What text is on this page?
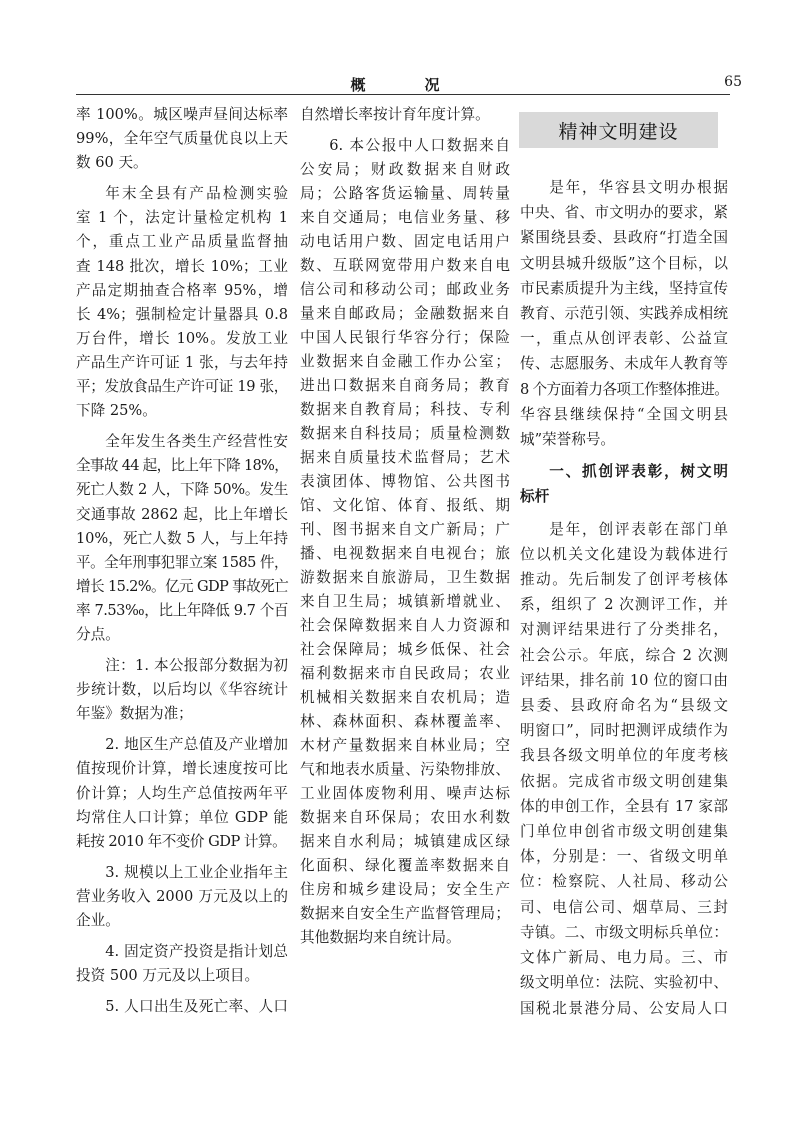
概　况	65
率 100%。城区噪声昼间达标率
99%，全年空气质量优良以上天
数 60 天。
年末全县有产品检测实验
室 1 个，法定计量检定机构 1
个，重点工业产品质量监督抽
查 148 批次，增长 10%；工业
产品定期抽查合格率 95%，增
长 4%；强制检定计量器具 0.8
万台件，增长 10%。发放工业
产品生产许可证 1 张，与去年持
平；发放食品生产许可证 19 张，
下降 25%。
全年发生各类生产经营性安
全事故 44 起，比上年下降 18%，
死亡人数 2 人，下降 50%。发生
交通事故 2862 起，比上年增长
10%，死亡人数 5 人，与上年持
平。全年刑事犯罪立案 1585 件，
增长 15.2%。亿元 GDP 事故死亡
率 7.53‰，比上年降低 9.7 个百
分点。
注：1. 本公报部分数据为初
步统计数，以后均以《华容统计
年鉴》数据为准；
2. 地区生产总值及产业增加
值按现价计算，增长速度按可比
价计算；人均生产总值按两年平
均常住人口计算；单位 GDP 能
耗按 2010 年不变价 GDP 计算。
3. 规模以上工业企业指年主
营业务收入 2000 万元及以上的
企业。
4. 固定资产投资是指计划总
投资 500 万元及以上项目。
5. 人口出生及死亡率、人口
自然增长率按计育年度计算。
6. 本公报中人口数据来自
公安局；财政数据来自财政
局；公路客货运输量、周转量
来自交通局；电信业务量、移
动电话用户数、固定电话用户
数、互联网宽带用户数来自电
信公司和移动公司；邮政业务
量来自邮政局；金融数据来自
中国人民银行华容分行；保险
业数据来自金融工作办公室；
进出口数据来自商务局；教育
数据来自教育局；科技、专利
数据来自科技局；质量检测数
据来自质量技术监督局；艺术
表演团体、博物馆、公共图书
馆、文化馆、体育、报纸、期
刊、图书据来自文广新局；广
播、电视数据来自电视台；旅
游数据来自旅游局，卫生数据
来自卫生局；城镇新增就业、
社会保障数据来自人力资源和
社会保障局；城乡低保、社会
福利数据来市自民政局；农业
机械相关数据来自农机局；造
林、森林面积、森林覆盖率、
木材产量数据来自林业局；空
气和地表水质量、污染物排放、
工业固体废物利用、噪声达标
数据来自环保局；农田水利数
据来自水利局；城镇建成区绿
化面积、绿化覆盖率数据来自
住房和城乡建设局；安全生产
数据来自安全生产监督管理局；
其他数据均来自统计局。
精神文明建设
是年，华容县文明办根据
中央、省、市文明办的要求，紧
紧围绕县委、县政府“打造全国
文明县城升级版”这个目标，以
市民素质提升为主线，坚持宣传
教育、示范引领、实践养成相统
一，重点从创评表彰、公益宣
传、志愿服务、未成年人教育等
8 个方面着力各项工作整体推进。
华容县继续保持“全国文明县
城”荣誉称号。
一、抓创评表彰，树文明
标杆
是年，创评表彰在部门单
位以机关文化建设为载体进行
推动。先后制发了创评考核体
系，组织了 2 次测评工作，并
对测评结果进行了分类排名，
社会公示。年底，综合 2 次测
评结果，排名前 10 位的窗口由
县委、县政府命名为“县级文
明窗口”，同时把测评成绩作为
我县各级文明单位的年度考核
依据。完成省市级文明创建集
体的申创工作，全县有 17 家部
门单位申创省市级文明创建集
体，分别是：一、省级文明单
位：检察院、人社局、移动公
司、电信公司、烟草局、三封
寺镇。二、市级文明标兵单位：
文体广新局、电力局。三、市
级文明单位：法院、实验初中、
国税北景港分局、公安局人口
